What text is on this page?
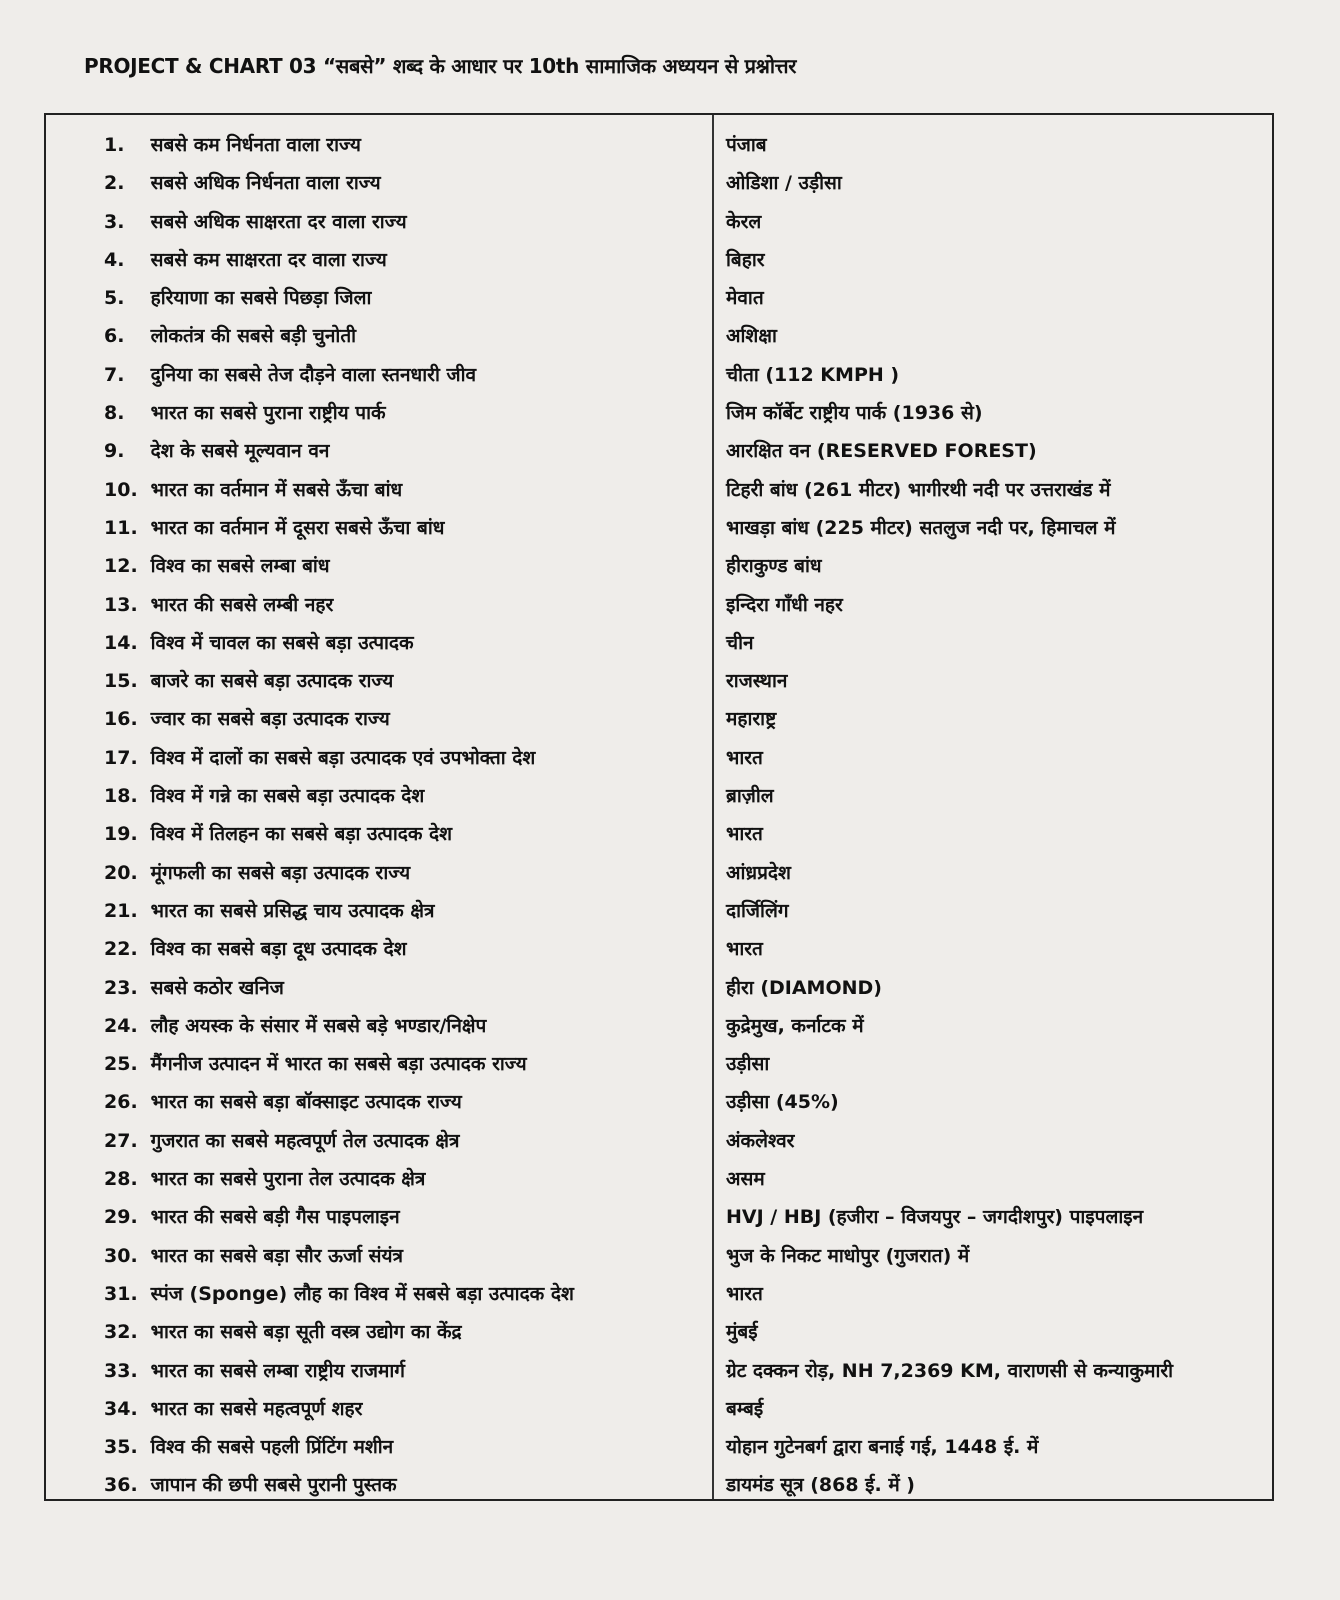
PROJECT & CHART 03 “सबसे” शब्द के आधार पर 10th सामाजिक अध्ययन से प्रश्नोत्तर
1. सबसे कम निर्धनता वाला राज्य	पंजाब
2. सबसे अधिक निर्धनता वाला राज्य	ओडिशा / उड़ीसा
3. सबसे अधिक साक्षरता दर वाला राज्य	केरल
4. सबसे कम साक्षरता दर वाला राज्य	बिहार
5. हरियाणा का सबसे पिछड़ा जिला	मेवात
6. लोकतंत्र की सबसे बड़ी चुनोती	अशिक्षा
7. दुनिया का सबसे तेज दौड़ने वाला स्तनधारी जीव	चीता (112 KMPH )
8. भारत का सबसे पुराना राष्ट्रीय पार्क	जिम कॉर्बेट राष्ट्रीय पार्क (1936 से)
9. देश के सबसे मूल्यवान वन	आरक्षित वन (RESERVED FOREST)
10. भारत का वर्तमान में सबसे ऊँचा बांध	टिहरी बांध (261 मीटर) भागीरथी नदी पर उत्तराखंड में
11. भारत का वर्तमान में दूसरा सबसे ऊँचा बांध	भाखड़ा बांध (225 मीटर) सतलुज नदी पर, हिमाचल में
12. विश्व का सबसे लम्बा बांध	हीराकुण्ड बांध
13. भारत की सबसे लम्बी नहर	इन्दिरा गाँधी नहर
14. विश्व में चावल का सबसे बड़ा उत्पादक	चीन
15. बाजरे का सबसे बड़ा उत्पादक राज्य	राजस्थान
16. ज्वार का सबसे बड़ा उत्पादक राज्य	महाराष्ट्र
17. विश्व में दालों का सबसे बड़ा उत्पादक एवं उपभोक्ता देश	भारत
18. विश्व में गन्ने का सबसे बड़ा उत्पादक देश	ब्राज़ील
19. विश्व में तिलहन का सबसे बड़ा उत्पादक देश	भारत
20. मूंगफली का सबसे बड़ा उत्पादक राज्य	आंध्रप्रदेश
21. भारत का सबसे प्रसिद्ध चाय उत्पादक क्षेत्र	दार्जिलिंग
22. विश्व का सबसे बड़ा दूध उत्पादक देश	भारत
23. सबसे कठोर खनिज	हीरा (DIAMOND)
24. लौह अयस्क के संसार में सबसे बड़े भण्डार/निक्षेप	कुद्रेमुख, कर्नाटक में
25. मैंगनीज उत्पादन में भारत का सबसे बड़ा उत्पादक राज्य	उड़ीसा
26. भारत का सबसे बड़ा बॉक्साइट उत्पादक राज्य	उड़ीसा (45%)
27. गुजरात का सबसे महत्वपूर्ण तेल उत्पादक क्षेत्र	अंकलेश्वर
28. भारत का सबसे पुराना तेल उत्पादक क्षेत्र	असम
29. भारत की सबसे बड़ी गैस पाइपलाइन	HVJ / HBJ (हजीरा – विजयपुर – जगदीशपुर) पाइपलाइन
30. भारत का सबसे बड़ा सौर ऊर्जा संयंत्र	भुज के निकट माधोपुर (गुजरात) में
31. स्पंज (Sponge) लौह का विश्व में सबसे बड़ा उत्पादक देश	भारत
32. भारत का सबसे बड़ा सूती वस्त्र उद्योग का केंद्र	मुंबई
33. भारत का सबसे लम्बा राष्ट्रीय राजमार्ग	ग्रेट दक्कन रोड़, NH 7,2369 KM, वाराणसी से कन्याकुमारी
34. भारत का सबसे महत्वपूर्ण शहर	बम्बई
35. विश्व की सबसे पहली प्रिंटिंग मशीन	योहान गुटेनबर्ग द्वारा बनाई गई, 1448 ई. में
36. जापान की छपी सबसे पुरानी पुस्तक	डायमंड सूत्र (868 ई. में )
